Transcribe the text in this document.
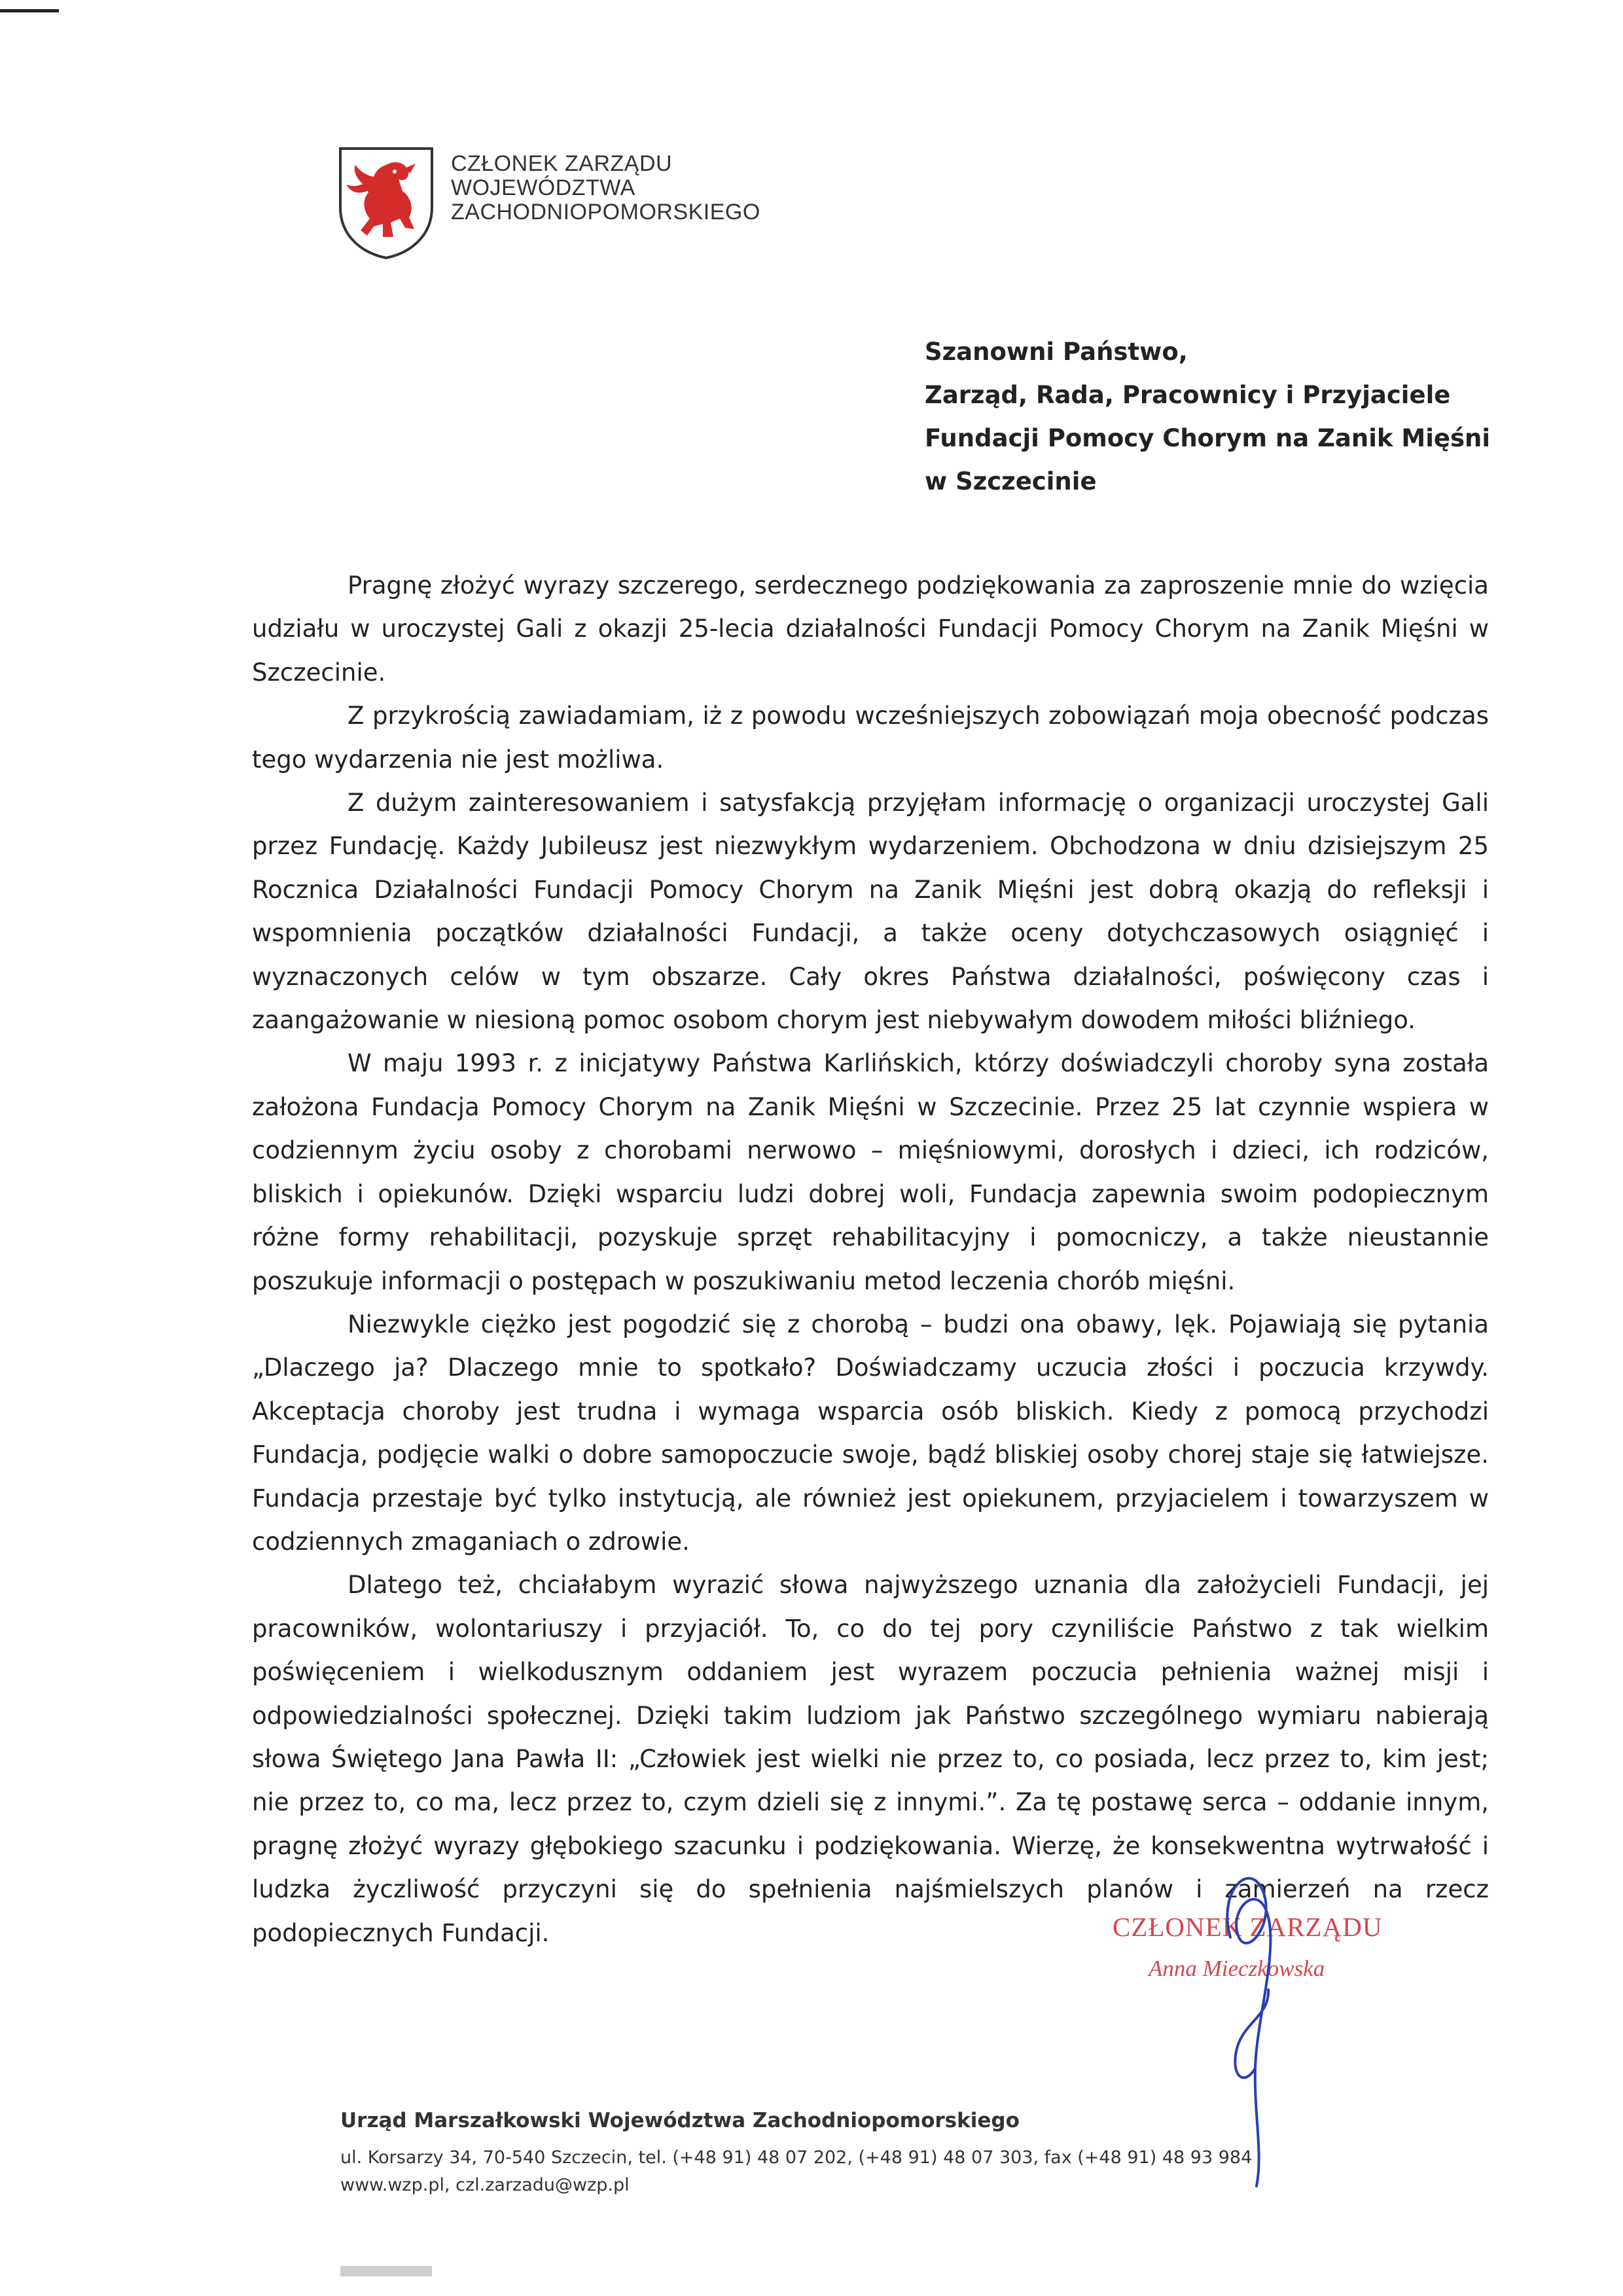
CZŁONEK ZARZĄDU
WOJEWÓDZTWA
ZACHODNIOPOMORSKIEGO
Szanowni Państwo,
Zarząd, Rada, Pracownicy i Przyjaciele
Fundacji Pomocy Chorym na Zanik Mięśni
w Szczecinie

Pragnę złożyć wyrazy szczerego, serdecznego podziękowania za zaproszenie mnie do wzięcia udziału w uroczystej Gali z okazji 25-lecia działalności Fundacji Pomocy Chorym na Zanik Mięśni w Szczecinie.

Z przykrością zawiadamiam, iż z powodu wcześniejszych zobowiązań moja obecność podczas tego wydarzenia nie jest możliwa.

Z dużym zainteresowaniem i satysfakcją przyjęłam informację o organizacji uroczystej Gali przez Fundację. Każdy Jubileusz jest niezwykłym wydarzeniem. Obchodzona w dniu dzisiejszym 25 Rocznica Działalności Fundacji Pomocy Chorym na Zanik Mięśni jest dobrą okazją do refleksji i wspomnienia początków działalności Fundacji, a także oceny dotychczasowych osiągnięć i wyznaczonych celów w tym obszarze. Cały okres Państwa działalności, poświęcony czas i zaangażowanie w niesioną pomoc osobom chorym jest niebywałym dowodem miłości bliźniego.

W maju 1993 r. z inicjatywy Państwa Karlińskich, którzy doświadczyli choroby syna została założona Fundacja Pomocy Chorym na Zanik Mięśni w Szczecinie. Przez 25 lat czynnie wspiera w codziennym życiu osoby z chorobami nerwowo – mięśniowymi, dorosłych i dzieci, ich rodziców, bliskich i opiekunów. Dzięki wsparciu ludzi dobrej woli, Fundacja zapewnia swoim podopiecznym różne formy rehabilitacji, pozyskuje sprzęt rehabilitacyjny i pomocniczy, a także nieustannie poszukuje informacji o postępach w poszukiwaniu metod leczenia chorób mięśni.

Niezwykle ciężko jest pogodzić się z chorobą – budzi ona obawy, lęk. Pojawiają się pytania „Dlaczego ja? Dlaczego mnie to spotkało? Doświadczamy uczucia złości i poczucia krzywdy. Akceptacja choroby jest trudna i wymaga wsparcia osób bliskich. Kiedy z pomocą przychodzi Fundacja, podjęcie walki o dobre samopoczucie swoje, bądź bliskiej osoby chorej staje się łatwiejsze. Fundacja przestaje być tylko instytucją, ale również jest opiekunem, przyjacielem i towarzyszem w codziennych zmaganiach o zdrowie.

Dlatego też, chciałabym wyrazić słowa najwyższego uznania dla założycieli Fundacji, jej pracowników, wolontariuszy i przyjaciół. To, co do tej pory czyniliście Państwo z tak wielkim poświęceniem i wielkodusznym oddaniem jest wyrazem poczucia pełnienia ważnej misji i odpowiedzialności społecznej. Dzięki takim ludziom jak Państwo szczególnego wymiaru nabierają słowa Świętego Jana Pawła II: „Człowiek jest wielki nie przez to, co posiada, lecz przez to, kim jest; nie przez to, co ma, lecz przez to, czym dzieli się z innymi.”. Za tę postawę serca – oddanie innym, pragnę złożyć wyrazy głębokiego szacunku i podziękowania. Wierzę, że konsekwentna wytrwałość i ludzka życzliwość przyczyni się do spełnienia najśmielszych planów i zamierzeń na rzecz podopiecznych Fundacji.	CZŁONEK ZARZĄDU
Anna Mieczkowska
Urząd Marszałkowski Województwa Zachodniopomorskiego
ul. Korsarzy 34, 70-540 Szczecin, tel. (+48 91) 48 07 202, (+48 91) 48 07 303, fax (+48 91) 48 93 984
www.wzp.pl, czl.zarzadu@wzp.pl
